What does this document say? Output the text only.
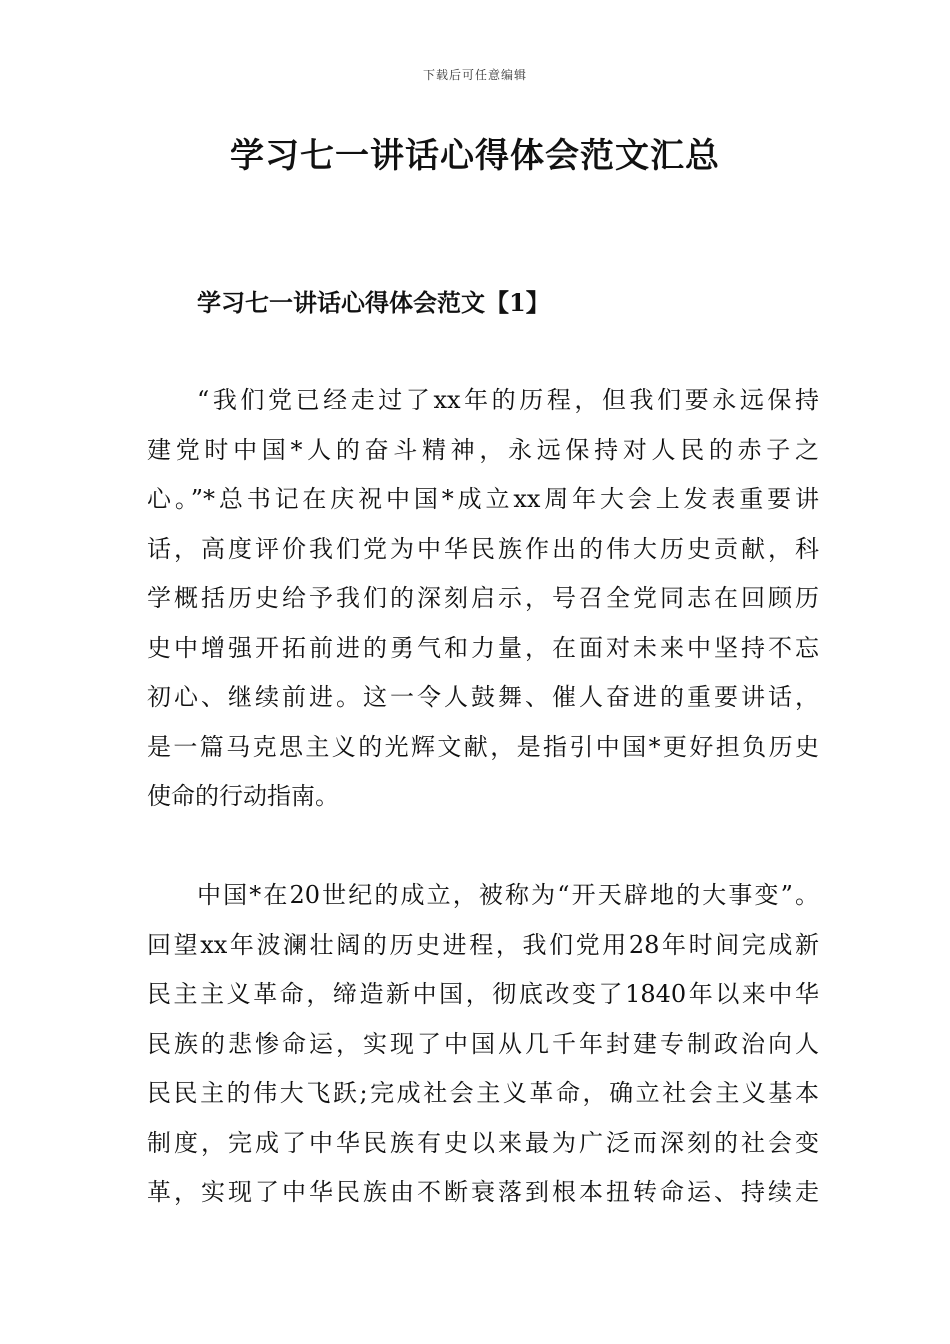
下载后可任意编辑
学习七一讲话心得体会范文汇总
学习七一讲话心得体会范文【1】

“我们党已经走过了xx年的历程，但我们要永远保持
建党时中国*人的奋斗精神，永远保持对人民的赤子之
心。”*总书记在庆祝中国*成立xx周年大会上发表重要讲
话，高度评价我们党为中华民族作出的伟大历史贡献，科
学概括历史给予我们的深刻启示，号召全党同志在回顾历
史中增强开拓前进的勇气和力量，在面对未来中坚持不忘
初心、继续前进。这一令人鼓舞、催人奋进的重要讲话，
是一篇马克思主义的光辉文献，是指引中国*更好担负历史
使命的行动指南。

中国*在20世纪的成立，被称为“开天辟地的大事变”。
回望xx年波澜壮阔的历史进程，我们党用28年时间完成新
民主主义革命，缔造新中国，彻底改变了1840年以来中华
民族的悲惨命运，实现了中国从几千年封建专制政治向人
民民主的伟大飞跃;完成社会主义革命，确立社会主义基本
制度，完成了中华民族有史以来最为广泛而深刻的社会变
革，实现了中华民族由不断衰落到根本扭转命运、持续走
